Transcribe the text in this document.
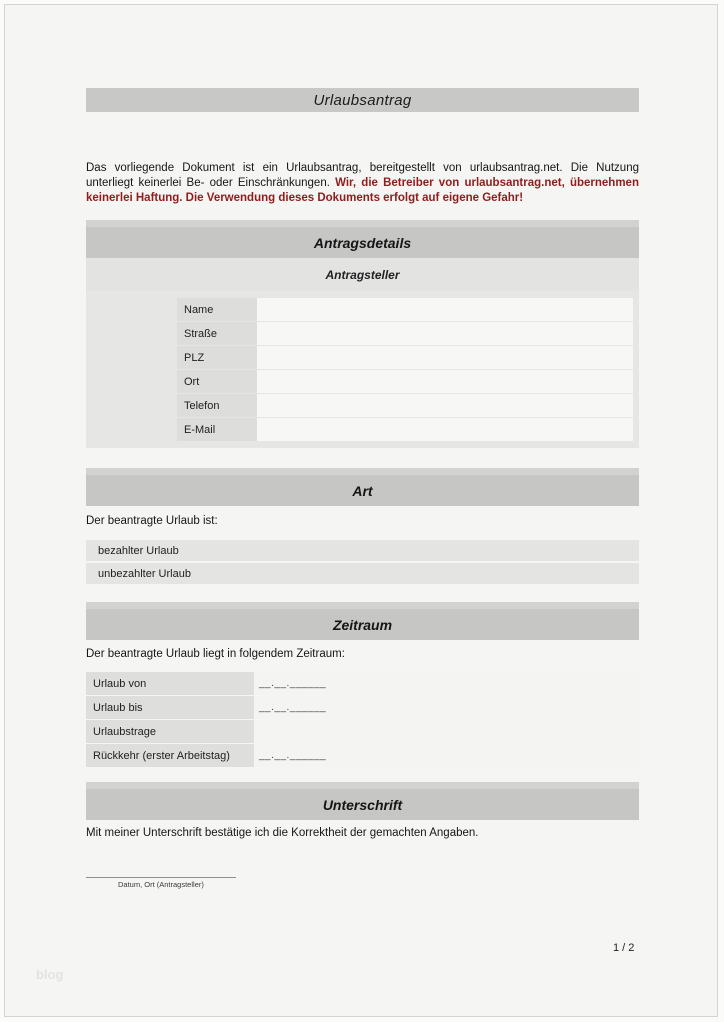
Urlaubsantrag

Das vorliegende Dokument ist ein Urlaubsantrag, bereitgestellt von urlaubsantrag.net. Die Nutzung unterliegt keinerlei Be- oder Einschränkungen. Wir, die Betreiber von urlaubsantrag.net, übernehmen keinerlei Haftung. Die Verwendung dieses Dokuments erfolgt auf eigene Gefahr!

Antragsdetails
Antragsteller
Name
Straße
PLZ
Ort
Telefon
E-Mail
Art

Der beantragte Urlaub ist:

bezahlter Urlaub
unbezahlter Urlaub
Zeitraum

Der beantragte Urlaub liegt in folgendem Zeitraum:

Urlaub von	__.__.______
Urlaub bis	__.__.______
Urlaubstrage
Rückkehr (erster Arbeitstag)	__.__.______
Unterschrift

Mit meiner Unterschrift bestätige ich die Korrektheit der gemachten Angaben.

Datum, Ort (Antragsteller)
1 / 2
blog
